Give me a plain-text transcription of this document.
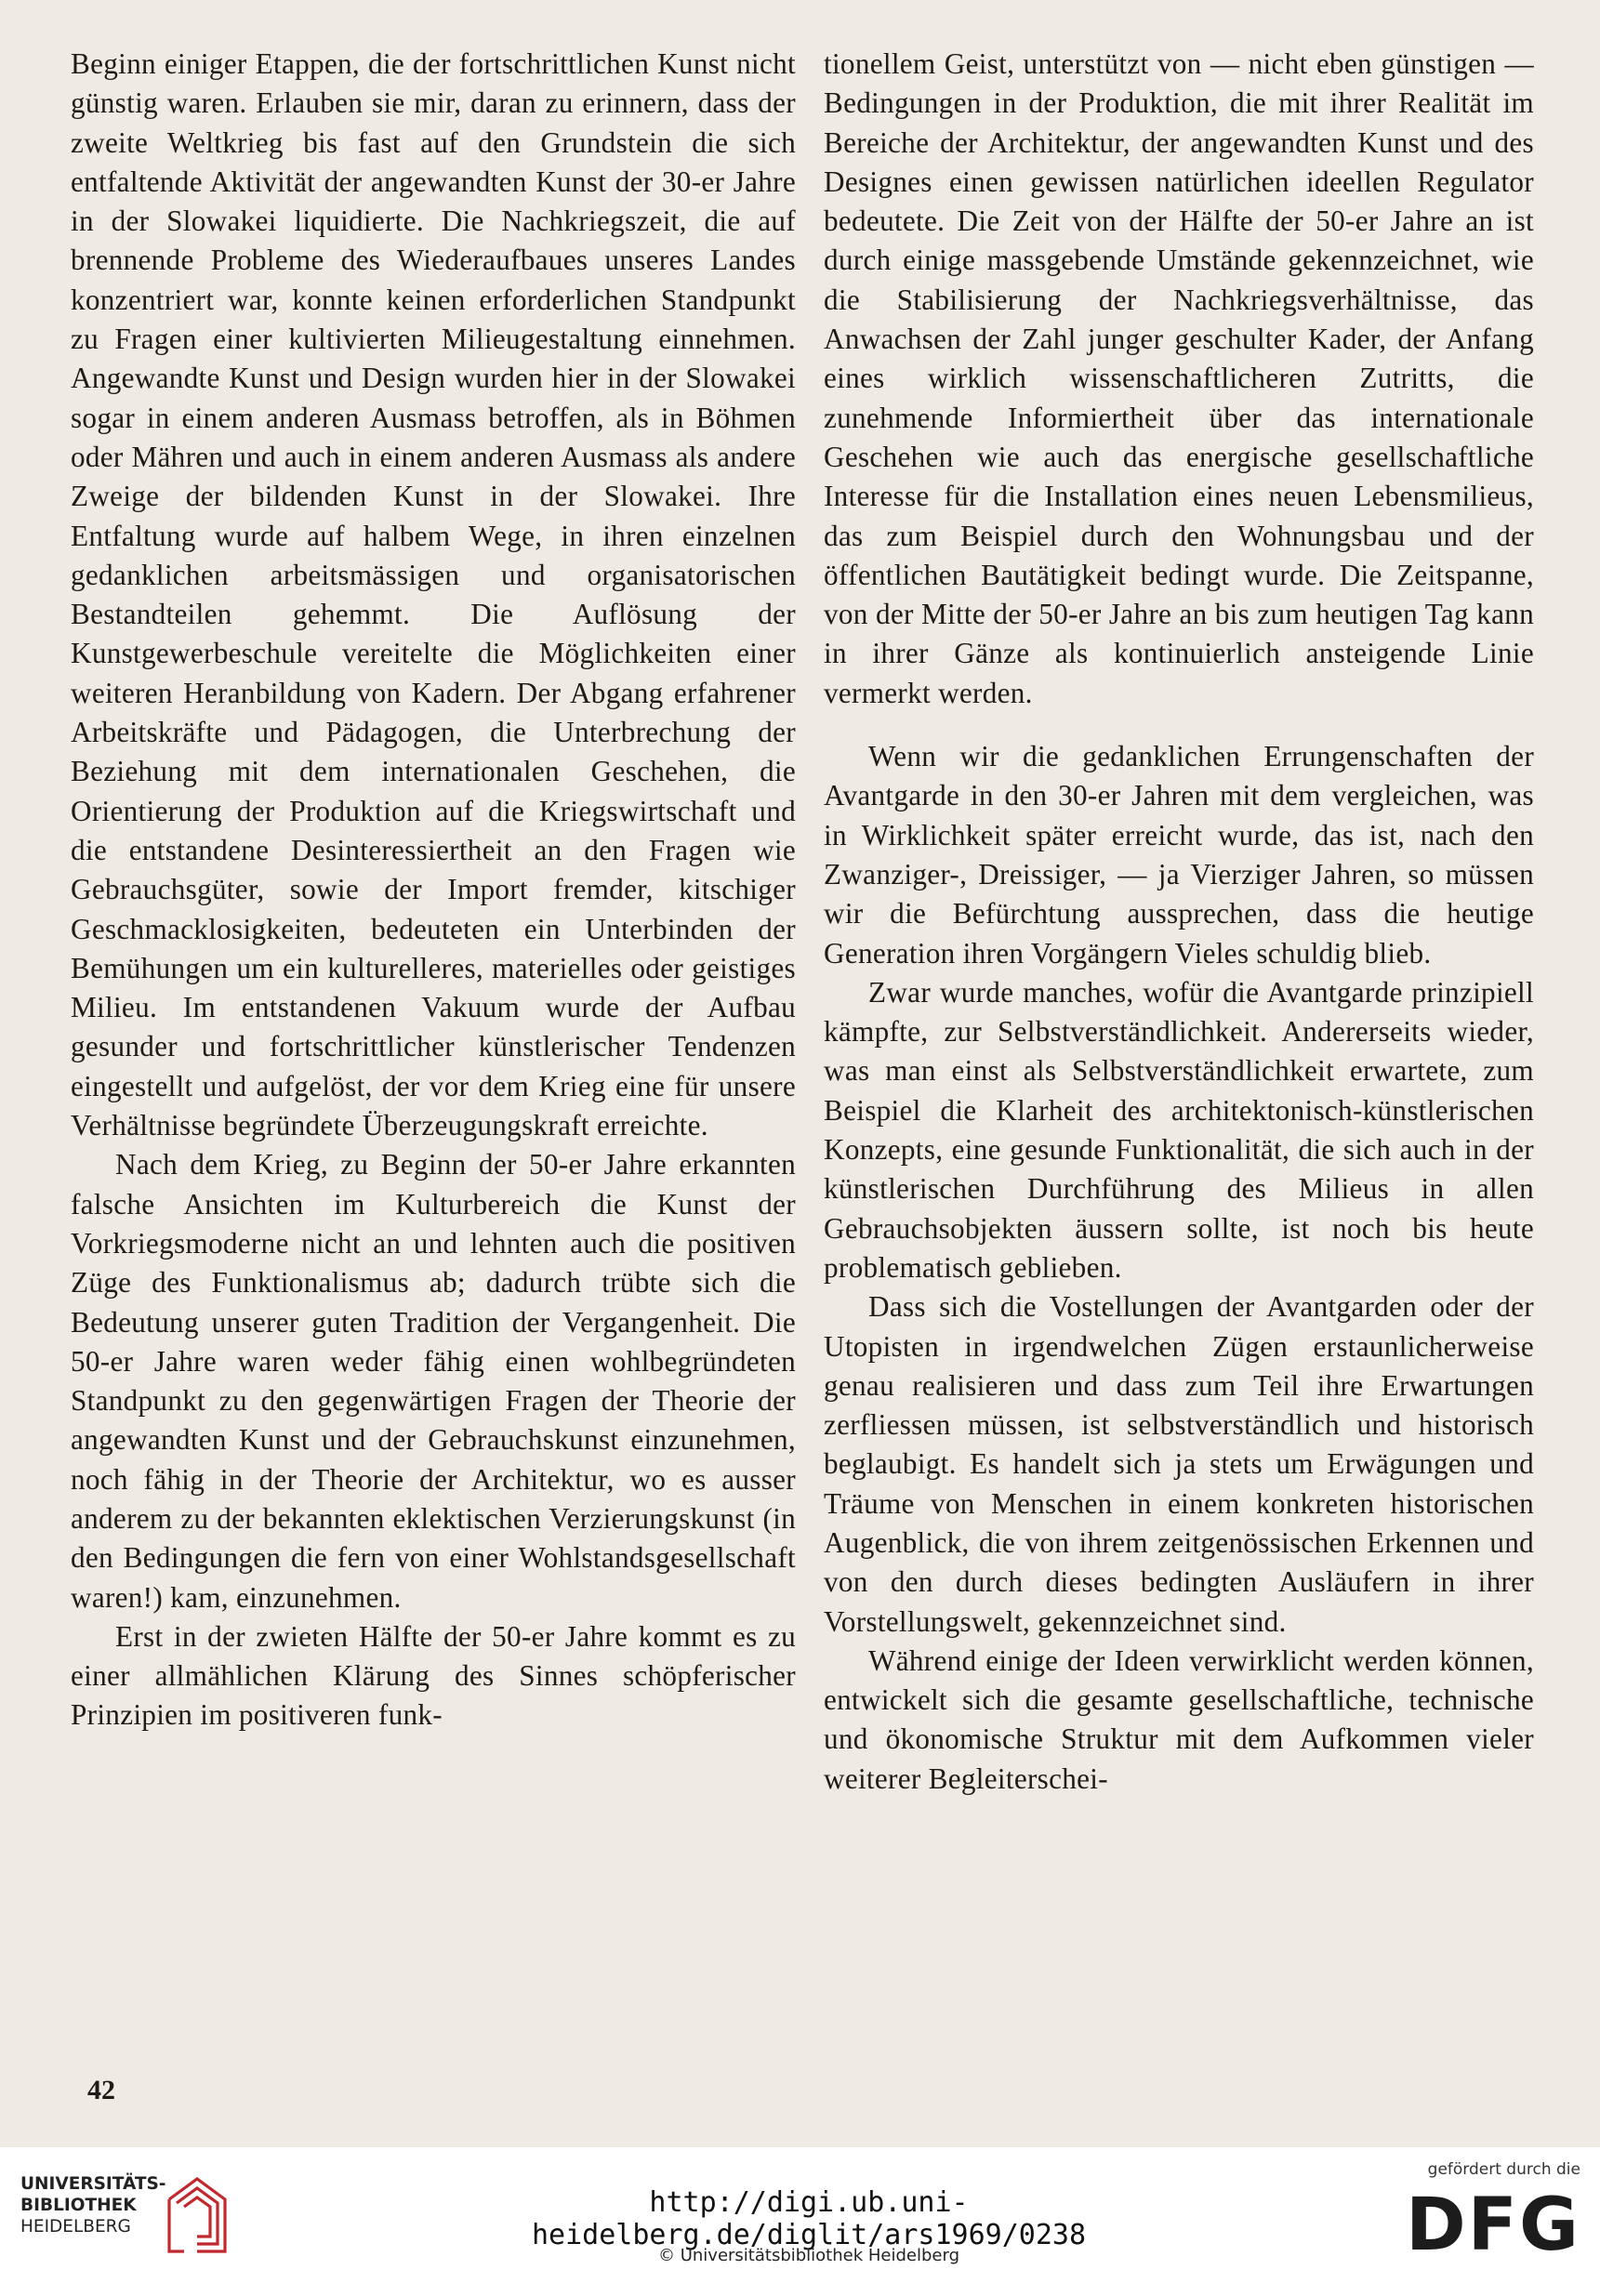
Beginn einiger Etappen, die der fortschrittlichen Kunst nicht günstig waren. Erlauben sie mir, daran zu erinnern, dass der zweite Weltkrieg bis fast auf den Grundstein die sich entfaltende Aktivität der angewandten Kunst der 30-er Jahre in der Slowakei liquidierte. Die Nachkriegszeit, die auf brennende Probleme des Wiederaufbaues unseres Landes konzentriert war, konnte keinen erforderlichen Standpunkt zu Fragen einer kultivierten Milieugestaltung einnehmen. Angewandte Kunst und Design wurden hier in der Slowakei sogar in einem anderen Ausmass betroffen, als in Böhmen oder Mähren und auch in einem anderen Ausmass als andere Zweige der bildenden Kunst in der Slowakei. Ihre Entfaltung wurde auf halbem Wege, in ihren einzelnen gedanklichen arbeitsmässigen und organisatorischen Bestandteilen gehemmt. Die Auflösung der Kunstgewerbeschule vereitelte die Möglichkeiten einer weiteren Heranbildung von Kadern. Der Abgang erfahrener Arbeitskräfte und Pädagogen, die Unterbrechung der Beziehung mit dem internationalen Geschehen, die Orientierung der Produktion auf die Kriegswirtschaft und die entstandene Desinteressiertheit an den Fragen wie Gebrauchsgüter, sowie der Import fremder, kitschiger Geschmacklosigkeiten, bedeuteten ein Unterbinden der Bemühungen um ein kulturelleres, materielles oder geistiges Milieu. Im entstandenen Vakuum wurde der Aufbau gesunder und fortschrittlicher künstlerischer Tendenzen eingestellt und aufgelöst, der vor dem Krieg eine für unsere Verhältnisse begründete Überzeugungskraft erreichte.

Nach dem Krieg, zu Beginn der 50-er Jahre erkannten falsche Ansichten im Kulturbereich die Kunst der Vorkriegsmoderne nicht an und lehnten auch die positiven Züge des Funktionalismus ab; dadurch trübte sich die Bedeutung unserer guten Tradition der Vergangenheit. Die 50-er Jahre waren weder fähig einen wohlbegründeten Standpunkt zu den gegenwärtigen Fragen der Theorie der angewandten Kunst und der Gebrauchskunst einzunehmen, noch fähig in der Theorie der Architektur, wo es ausser anderem zu der bekannten eklektischen Verzierungskunst (in den Bedingungen die fern von einer Wohlstandsgesellschaft waren!) kam, einzunehmen.

Erst in der zwieten Hälfte der 50-er Jahre kommt es zu einer allmählichen Klärung des Sinnes schöpferischer Prinzipien im positiveren funk-

tionellem Geist, unterstützt von — nicht eben günstigen — Bedingungen in der Produktion, die mit ihrer Realität im Bereiche der Architektur, der angewandten Kunst und des Designes einen gewissen natürlichen ideellen Regulator bedeutete. Die Zeit von der Hälfte der 50-er Jahre an ist durch einige massgebende Umstände gekennzeichnet, wie die Stabilisierung der Nachkriegsverhältnisse, das Anwachsen der Zahl junger geschulter Kader, der Anfang eines wirklich wissenschaftlicheren Zutritts, die zunehmende Informiertheit über das internationale Geschehen wie auch das energische gesellschaftliche Interesse für die Installation eines neuen Lebensmilieus, das zum Beispiel durch den Wohnungsbau und der öffentlichen Bautätigkeit bedingt wurde. Die Zeitspanne, von der Mitte der 50-er Jahre an bis zum heutigen Tag kann in ihrer Gänze als kontinuierlich ansteigende Linie vermerkt werden.

Wenn wir die gedanklichen Errungenschaften der Avantgarde in den 30-er Jahren mit dem vergleichen, was in Wirklichkeit später erreicht wurde, das ist, nach den Zwanziger-, Dreissiger, — ja Vierziger Jahren, so müssen wir die Befürchtung aussprechen, dass die heutige Generation ihren Vorgängern Vieles schuldig blieb.

Zwar wurde manches, wofür die Avantgarde prinzipiell kämpfte, zur Selbstverständlichkeit. Andererseits wieder, was man einst als Selbstverständlichkeit erwartete, zum Beispiel die Klarheit des architektonisch-künstlerischen Konzepts, eine gesunde Funktionalität, die sich auch in der künstlerischen Durchführung des Milieus in allen Gebrauchsobjekten äussern sollte, ist noch bis heute problematisch geblieben.

Dass sich die Vostellungen der Avantgarden oder der Utopisten in irgendwelchen Zügen erstaunlicherweise genau realisieren und dass zum Teil ihre Erwartungen zerfliessen müssen, ist selbstverständlich und historisch beglaubigt. Es handelt sich ja stets um Erwägungen und Träume von Menschen in einem konkreten historischen Augenblick, die von ihrem zeitgenössischen Erkennen und von den durch dieses bedingten Ausläufern in ihrer Vorstellungswelt, gekennzeichnet sind.

Während einige der Ideen verwirklicht werden können, entwickelt sich die gesamte gesellschaftliche, technische und ökonomische Struktur mit dem Aufkommen vieler weiterer Begleiterschei-

42
UNIVERSITÄTS-
BIBLIOTHEK
HEIDELBERG
http://digi.ub.uni-heidelberg.de/diglit/ars1969/0238
© Universitätsbibliothek Heidelberg
gefördert durch die
DFG
